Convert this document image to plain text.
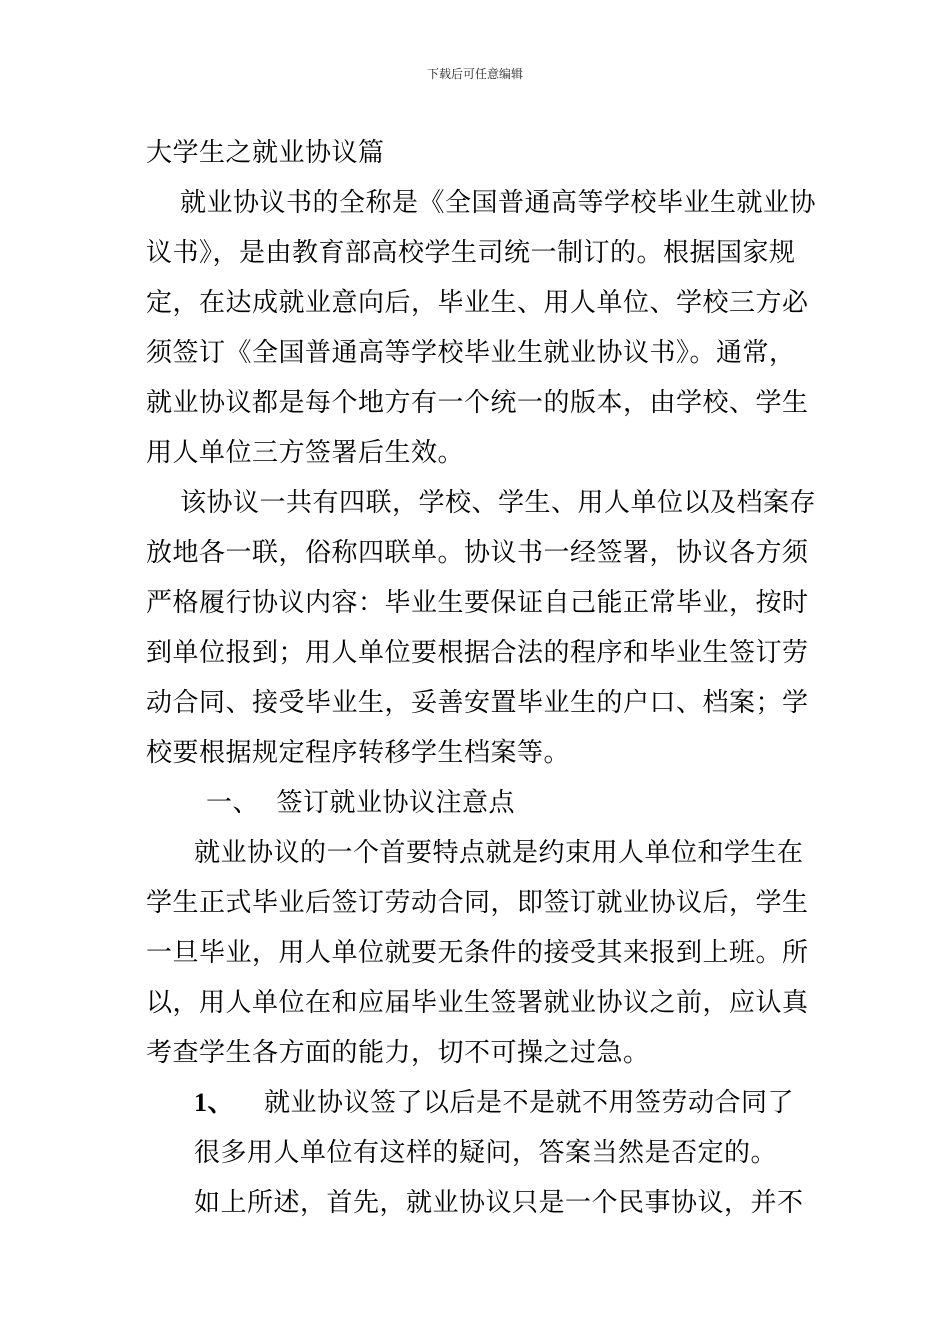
下载后可任意编辑
大学生之就业协议篇
就业协议书的全称是《全国普通高等学校毕业生就业协
议书》，是由教育部高校学生司统一制订的。根据国家规
定，在达成就业意向后，毕业生、用人单位、学校三方必
须签订《全国普通高等学校毕业生就业协议书》。通常，
就业协议都是每个地方有一个统一的版本，由学校、学生
用人单位三方签署后生效。
该协议一共有四联，学校、学生、用人单位以及档案存
放地各一联，俗称四联单。协议书一经签署，协议各方须
严格履行协议内容：毕业生要保证自己能正常毕业，按时
到单位报到；用人单位要根据合法的程序和毕业生签订劳
动合同、接受毕业生，妥善安置毕业生的户口、档案；学
校要根据规定程序转移学生档案等。
一、 签订就业协议注意点
就业协议的一个首要特点就是约束用人单位和学生在
学生正式毕业后签订劳动合同，即签订就业协议后，学生
一旦毕业，用人单位就要无条件的接受其来报到上班。所
以，用人单位在和应届毕业生签署就业协议之前，应认真
考查学生各方面的能力，切不可操之过急。
1、 就业协议签了以后是不是就不用签劳动合同了
很多用人单位有这样的疑问，答案当然是否定的。
如上所述，首先，就业协议只是一个民事协议，并不
